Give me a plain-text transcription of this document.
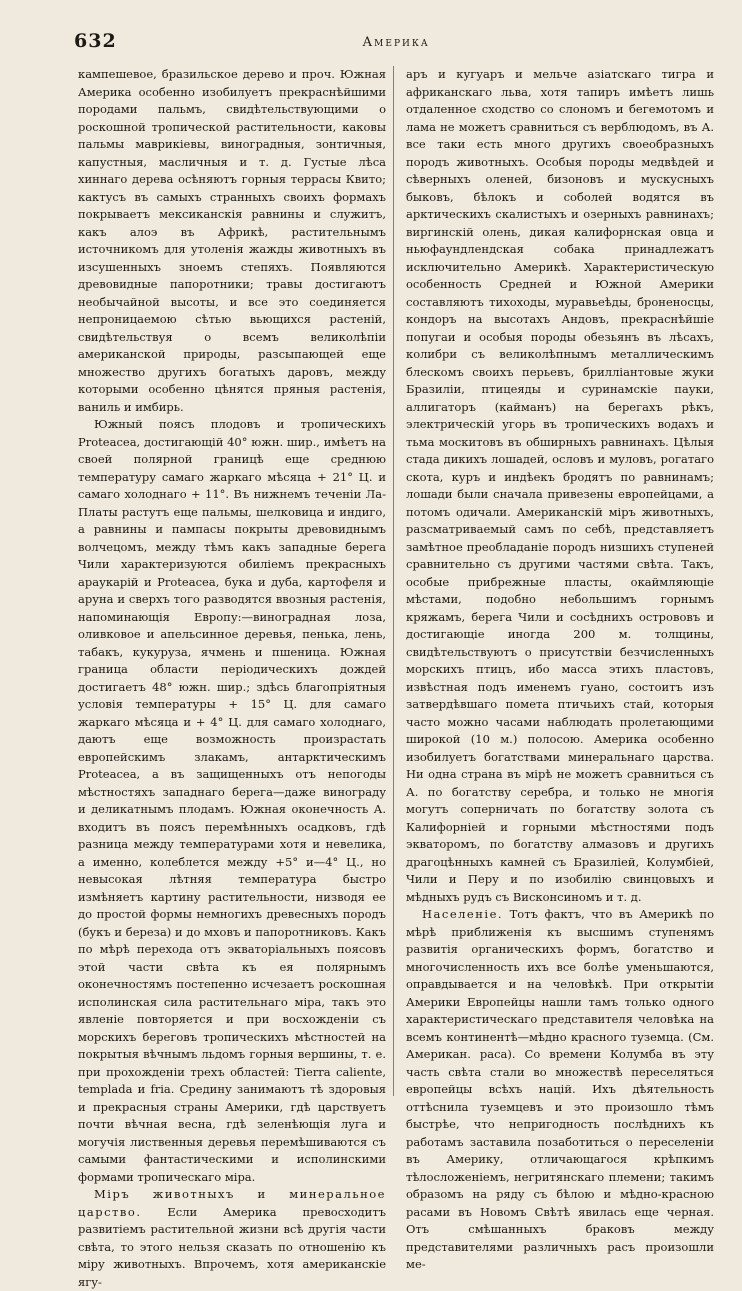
632	Америка

кампешевое, бразильское дерево и проч. Южная Америка особенно изобилуетъ прекраснѣйшими породами пальмъ, свидѣтельствующими о роскошной тропической растительности, каковы пальмы маврикіевы, виноградныя, зонтичныя, капустныя, масличныя и т. д. Густые лѣса хиннаго дерева осѣняютъ горныя террасы Квито; кактусъ въ самыхъ странныхъ своихъ формахъ покрываетъ мексиканскія равнины и служитъ, какъ алоэ въ Африкѣ, растительнымъ источникомъ для утоленія жажды животныхъ въ изсушенныхъ зноемъ степяхъ. Появляются древовидные папоротники; травы достигаютъ необычайной высоты, и все это соединяется непроницаемою сѣтью вьющихся растеній, свидѣтельствуя о всемъ великолѣпіи американской природы, разсыпающей еще множество другихъ богатыхъ даровъ, между которыми особенно цѣнятся пряныя растенія, ваниль и имбирь.

Южный поясъ плодовъ и тропическихъ Proteacea, достигающій 40° южн. шир., имѣетъ на своей полярной границѣ еще среднюю температуру самаго жаркаго мѣсяца + 21° Ц. и самаго холоднаго + 11°. Въ нижнемъ теченіи Ла-Платы растутъ еще пальмы, шелковица и индиго, а равнины и пампасы покрыты древовиднымъ волчецомъ, между тѣмъ какъ западные берега Чили характеризуются обиліемъ прекрасныхъ араукарій и Proteacea, бука и дуба, картофеля и аруна и сверхъ того разводятся ввозныя растенія, напоминающія Европу:—виноградная лоза, оливковое и апельсинное деревья, пенька, лень, табакъ, кукуруза, ячмень и пшеница. Южная граница области періодическихъ дождей достигаетъ 48° южн. шир.; здѣсь благопріятныя условія температуры + 15° Ц. для самаго жаркаго мѣсяца и + 4° Ц. для самаго холоднаго, даютъ еще возможность произрастать европейскимъ злакамъ, антарктическимъ Proteacea, а въ защищенныхъ отъ непогоды мѣстностяхъ западнаго берега—даже винограду и деликатнымъ плодамъ. Южная оконечность А. входитъ въ поясъ перемѣнныхъ осадковъ, гдѣ разница между температурами хотя и невелика, а именно, колеблется между +5° и—4° Ц., но невысокая лѣтняя температура быстро измѣняетъ картину растительности, низводя ее до простой формы немногихъ древесныхъ породъ (букъ и береза) и до мховъ и папоротниковъ. Какъ по мѣрѣ перехода отъ экваторіальныхъ поясовъ этой части свѣта къ ея полярнымъ оконечностямъ постепенно исчезаетъ роскошная исполинская сила растительнаго міра, такъ это явленіе повторяется и при восхожденіи съ морскихъ береговъ тропическихъ мѣстностей на покрытыя вѣчнымъ льдомъ горныя вершины, т. е. при прохожденіи трехъ областей: Tierra caliente, templada и fria. Средину занимаютъ тѣ здоровыя и прекрасныя страны Америки, гдѣ царствуетъ почти вѣчная весна, гдѣ зеленѣющія луга и могучія лиственныя деревья перемѣшиваются съ самыми фантастическими и исполинскими формами тропическаго міра.

Міръ животныхъ и минеральное царство. Если Америка превосходитъ развитіемъ растительной жизни всѣ другія части свѣта, то этого нельзя сказать по отношенію къ міру животныхъ. Впрочемъ, хотя американскіе ягу-

аръ и кугуаръ и мельче азіатскаго тигра и африканскаго льва, хотя тапиръ имѣетъ лишь отдаленное сходство со слономъ и бегемотомъ и лама не можетъ сравниться съ верблюдомъ, въ А. все таки есть много другихъ своеобразныхъ породъ животныхъ. Особыя породы медвѣдей и сѣверныхъ оленей, бизоновъ и мускусныхъ быковъ, бѣлокъ и соболей водятся въ арктическихъ скалистыхъ и озерныхъ равнинахъ; виргинскій олень, дикая калифорнская овца и ньюфаундлендская собака принадлежатъ исключительно Америкѣ. Характеристическую особенность Средней и Южной Америки составляютъ тихоходы, муравьеѣды, броненосцы, кондоръ на высотахъ Андовъ, прекраснѣйшіе попугаи и особыя породы обезьянъ въ лѣсахъ, колибри съ великолѣпнымъ металлическимъ блескомъ своихъ перьевъ, брилліантовые жуки Бразиліи, птицеяды и суринамскіе пауки, аллигаторъ (кайманъ) на берегахъ рѣкъ, электрическій угорь въ тропическихъ водахъ и тьма москитовъ въ обширныхъ равнинахъ. Цѣлыя стада дикихъ лошадей, ословъ и муловъ, рогатаго скота, куръ и индѣекъ бродятъ по равнинамъ; лошади были сначала привезены европейцами, а потомъ одичали. Американскій міръ животныхъ, разсматриваемый самъ по себѣ, представляетъ замѣтное преобладаніе породъ низшихъ ступеней сравнительно съ другими частями свѣта. Такъ, особые прибрежные пласты, окаймляющіе мѣстами, подобно небольшимъ горнымъ кряжамъ, берега Чили и сосѣднихъ острововъ и достигающіе иногда 200 м. толщины, свидѣтельствуютъ о присутствіи безчисленныхъ морскихъ птицъ, ибо масса этихъ пластовъ, извѣстная подъ именемъ гуано, состоитъ изъ затвердѣвшаго помета птичьихъ стай, которыя часто можно часами наблюдать пролетающими широкой (10 м.) полосою. Америка особенно изобилуетъ богатствами минеральнаго царства. Ни одна страна въ мірѣ не можетъ сравниться съ А. по богатству серебра, и только не многія могутъ соперничать по богатству золота съ Калифорніей и горными мѣстностями подъ экваторомъ, по богатству алмазовъ и другихъ драгоцѣнныхъ камней съ Бразиліей, Колумбіей, Чили и Перу и по изобилію свинцовыхъ и мѣдныхъ рудъ съ Висконсиномъ и т. д.

Населеніе. Тотъ фактъ, что въ Америкѣ по мѣрѣ приближенія къ высшимъ ступенямъ развитія органическихъ формъ, богатство и многочисленность ихъ все болѣе уменьшаются, оправдывается и на человѣкѣ. При открытіи Америки Европейцы нашли тамъ только одного характеристическаго представителя человѣка на всемъ континентѣ—мѣдно красного туземца. (См. Американ. раса). Со времени Колумба въ эту часть свѣта стали во множествѣ переселяться европейцы всѣхъ націй. Ихъ дѣятельность оттѣснила туземцевъ и это произошло тѣмъ быстрѣе, что непригодность послѣднихъ къ работамъ заставила позаботиться о переселеніи въ Америку, отличающагося крѣпкимъ тѣлосложеніемъ, негритянскаго племени; такимъ образомъ на ряду съ бѣлою и мѣдно-красною расами въ Новомъ Свѣтѣ явилась еще черная. Отъ смѣшанныхъ браковъ между представителями различныхъ расъ произошли ме-
